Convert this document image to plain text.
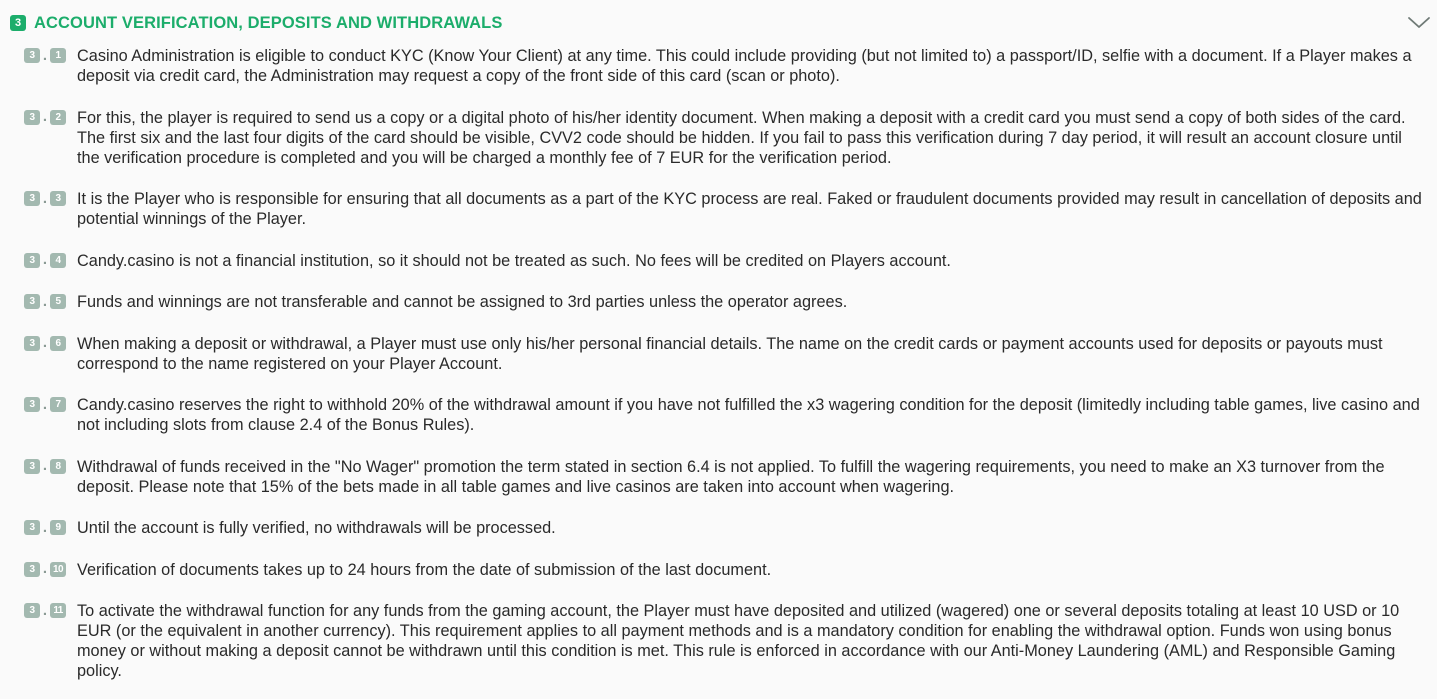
3 ACCOUNT VERIFICATION, DEPOSITS AND WITHDRAWALS
3 . 1	Casino Administration is eligible to conduct KYC (Know Your Client) at any time. This could include providing (but not limited to) a passport/ID, selfie with a document. If a Player makes a deposit via credit card, the Administration may request a copy of the front side of this card (scan or photo).

3 . 2	For this, the player is required to send us a copy or a digital photo of his/her identity document. When making a deposit with a credit card you must send a copy of both sides of the card. The first six and the last four digits of the card should be visible, CVV2 code should be hidden. If you fail to pass this verification during 7 day period, it will result an account closure until the verification procedure is completed and you will be charged a monthly fee of 7 EUR for the verification period.

3 . 3	It is the Player who is responsible for ensuring that all documents as a part of the KYC process are real. Faked or fraudulent documents provided may result in cancellation of deposits and potential winnings of the Player.

3 . 4	Candy.casino is not a financial institution, so it should not be treated as such. No fees will be credited on Players account.

3 . 5	Funds and winnings are not transferable and cannot be assigned to 3rd parties unless the operator agrees.

3 . 6	When making a deposit or withdrawal, a Player must use only his/her personal financial details. The name on the credit cards or payment accounts used for deposits or payouts must correspond to the name registered on your Player Account.

3 . 7	Candy.casino reserves the right to withhold 20% of the withdrawal amount if you have not fulfilled the x3 wagering condition for the deposit (limitedly including table games, live casino and not including slots from clause 2.4 of the Bonus Rules).

3 . 8	Withdrawal of funds received in the "No Wager" promotion the term stated in section 6.4 is not applied. To fulfill the wagering requirements, you need to make an X3 turnover from the deposit. Please note that 15% of the bets made in all table games and live casinos are taken into account when wagering.

3 . 9	Until the account is fully verified, no withdrawals will be processed.

3 . 10 Verification of documents takes up to 24 hours from the date of submission of the last document.

3 . 11 To activate the withdrawal function for any funds from the gaming account, the Player must have deposited and utilized (wagered) one or several deposits totaling at least 10 USD or 10 EUR (or the equivalent in another currency). This requirement applies to all payment methods and is a mandatory condition for enabling the withdrawal option. Funds won using bonus money or without making a deposit cannot be withdrawn until this condition is met. This rule is enforced in accordance with our Anti-Money Laundering (AML) and Responsible Gaming policy.
